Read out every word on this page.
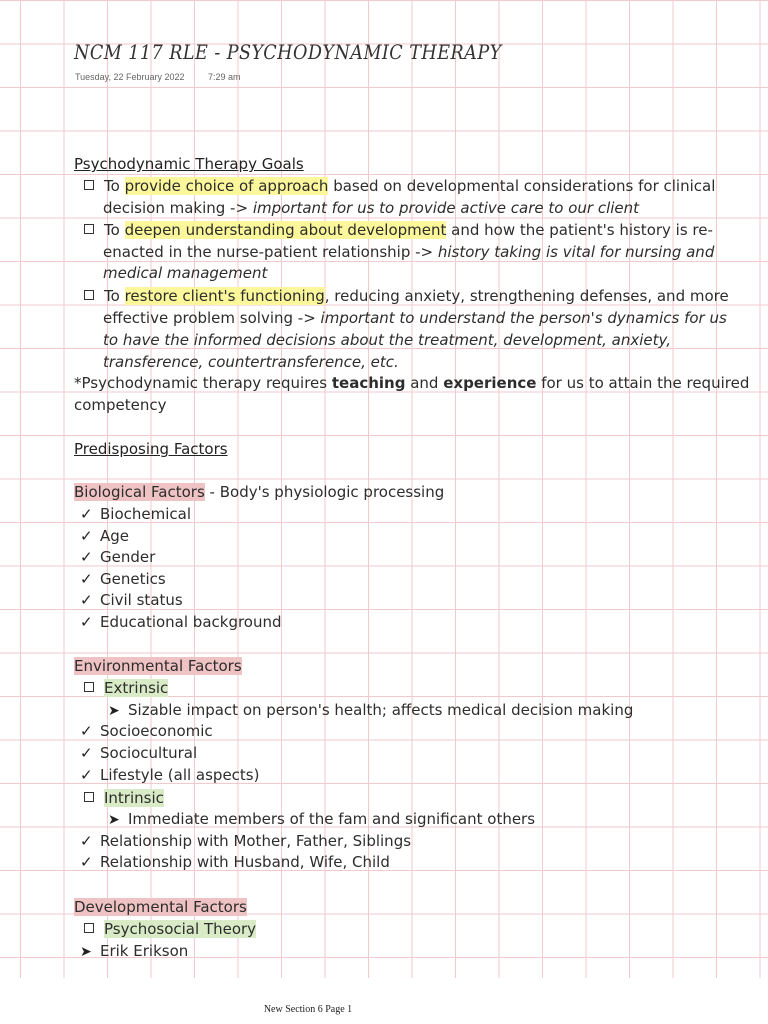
NCM 117 RLE - PSYCHODYNAMIC THERAPY
Tuesday, 22 February 2022	7:29 am
Psychodynamic Therapy Goals
To provide choice of approach based on developmental considerations for clinical
decision making -> important for us to provide active care to our client
To deepen understanding about development and how the patient's history is re-
enacted in the nurse-patient relationship -> history taking is vital for nursing and
medical management
To restore client's functioning, reducing anxiety, strengthening defenses, and more
effective problem solving -> important to understand the person's dynamics for us
to have the informed decisions about the treatment, development, anxiety,
transference, countertransference, etc.
*Psychodynamic therapy requires teaching and experience for us to attain the required
competency
Predisposing Factors
Biological Factors - Body's physiologic processing
✓ Biochemical
✓ Age
✓ Gender
✓ Genetics
✓ Civil status
✓ Educational background
Environmental Factors
Extrinsic
➤ Sizable impact on person's health; affects medical decision making
✓ Socioeconomic
✓ Sociocultural
✓ Lifestyle (all aspects)
Intrinsic
➤ Immediate members of the fam and significant others
✓ Relationship with Mother, Father, Siblings
✓ Relationship with Husband, Wife, Child
Developmental Factors
Psychosocial Theory
➤ Erik Erikson
New Section 6 Page 1
